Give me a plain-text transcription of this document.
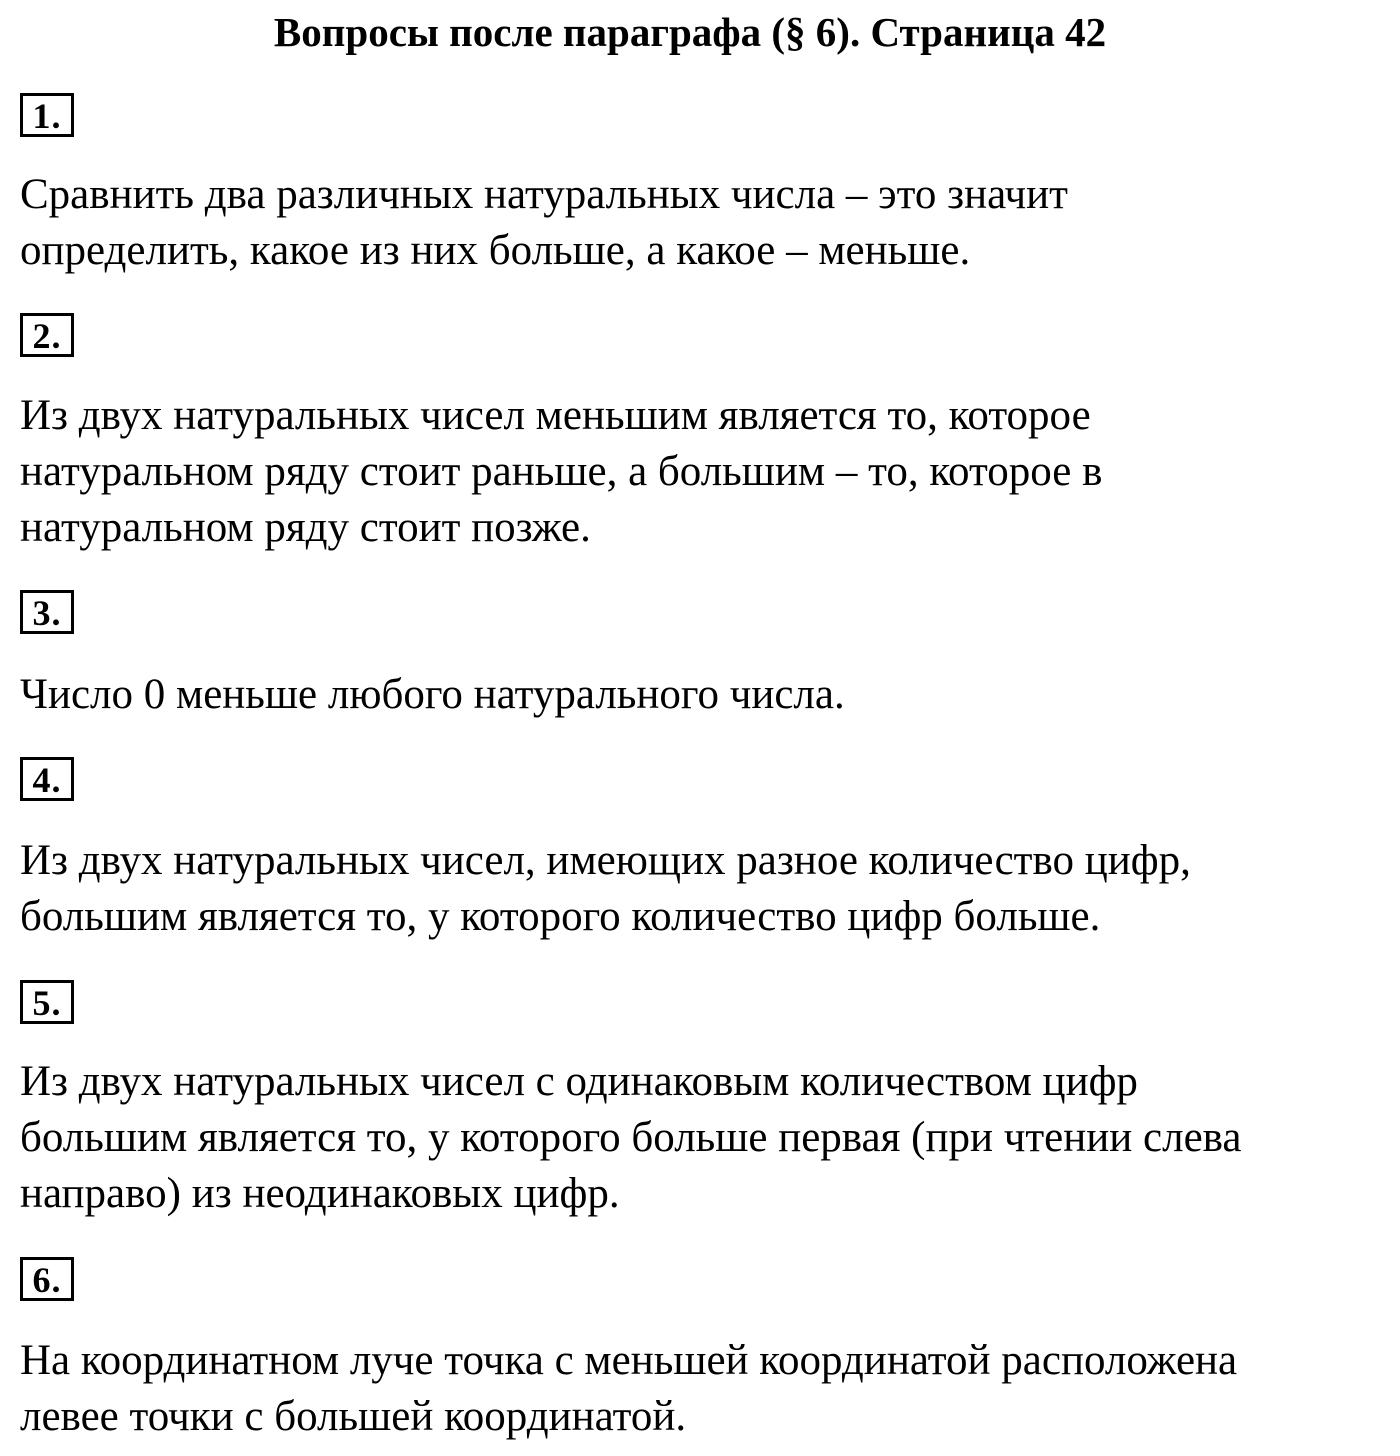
Вопросы после параграфа (§ 6). Страница 42
1.
Сравнить два различных натуральных числа – это значит
определить, какое из них больше, а какое – меньше.
2.
Из двух натуральных чисел меньшим является то, которое
натуральном ряду стоит раньше, а большим – то, которое в
натуральном ряду стоит позже.
3.
Число 0 меньше любого натурального числа.
4.
Из двух натуральных чисел, имеющих разное количество цифр,
большим является то, у которого количество цифр больше.
5.
Из двух натуральных чисел с одинаковым количеством цифр
большим является то, у которого больше первая (при чтении слева
направо) из неодинаковых цифр.
6.
На координатном луче точка с меньшей координатой расположена
левее точки с большей координатой.
